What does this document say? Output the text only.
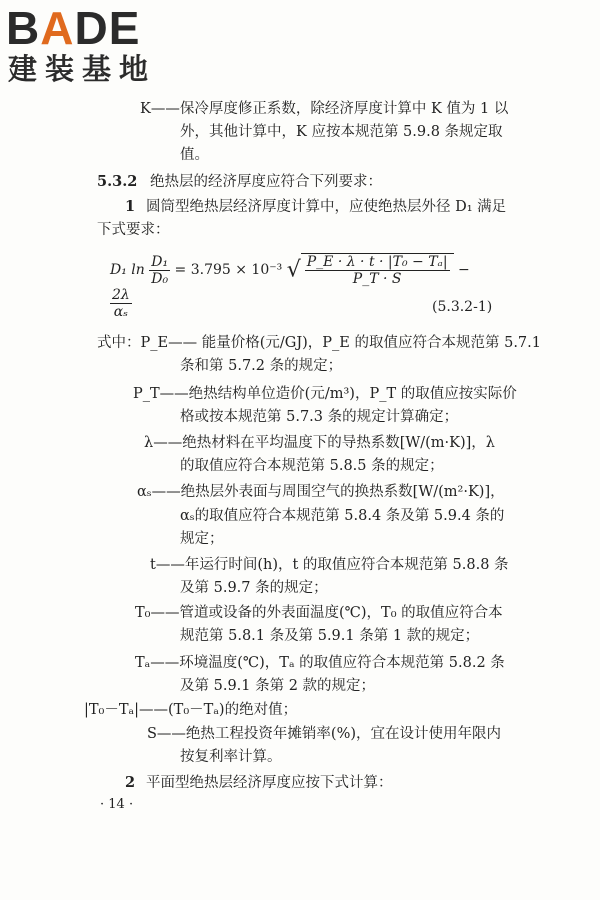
BADE
建装基地
K——保冷厚度修正系数，除经济厚度计算中 K 值为 1 以
外，其他计算中，K 应按本规范第 5.9.8 条规定取
值。
5.3.2 绝热层的经济厚度应符合下列要求：
1 圆筒型绝热层经济厚度计算中，应使绝热层外径 D₁ 满足
下式要求：
D₁ $\ln \frac{\text{D₁}}{\text{D₀}} = 3.795 \times 10^{-3}$ √ $\frac{\text{P\_E · λ · t · |T₀ − Tₐ|}}{P\_T \cdot S}$ −
$\frac{2\lambda}{\text{αₛ}}$	(5.3.2-1)
式中：P_E—— 能量价格(元/GJ)，P_E 的取值应符合本规范第 5.7.1
条和第 5.7.2 条的规定；
P_T——绝热结构单位造价(元/m³)，P_T 的取值应按实际价
格或按本规范第 5.7.3 条的规定计算确定；
λ——绝热材料在平均温度下的导热系数[W/(m·K)]，λ
的取值应符合本规范第 5.8.5 条的规定；
αₛ——绝热层外表面与周围空气的换热系数[W/(m²·K)]，
αₛ的取值应符合本规范第 5.8.4 条及第 5.9.4 条的
规定；
t——年运行时间(h)，t 的取值应符合本规范第 5.8.8 条
及第 5.9.7 条的规定；
T₀——管道或设备的外表面温度(℃)，T₀ 的取值应符合本
规范第 5.8.1 条及第 5.9.1 条第 1 款的规定；
Tₐ——环境温度(℃)，Tₐ 的取值应符合本规范第 5.8.2 条
及第 5.9.1 条第 2 款的规定；
|T₀－Tₐ|——(T₀－Tₐ)的绝对值；
S——绝热工程投资年摊销率(%)，宜在设计使用年限内
按复利率计算。
2 平面型绝热层经济厚度应按下式计算：
· 14 ·
